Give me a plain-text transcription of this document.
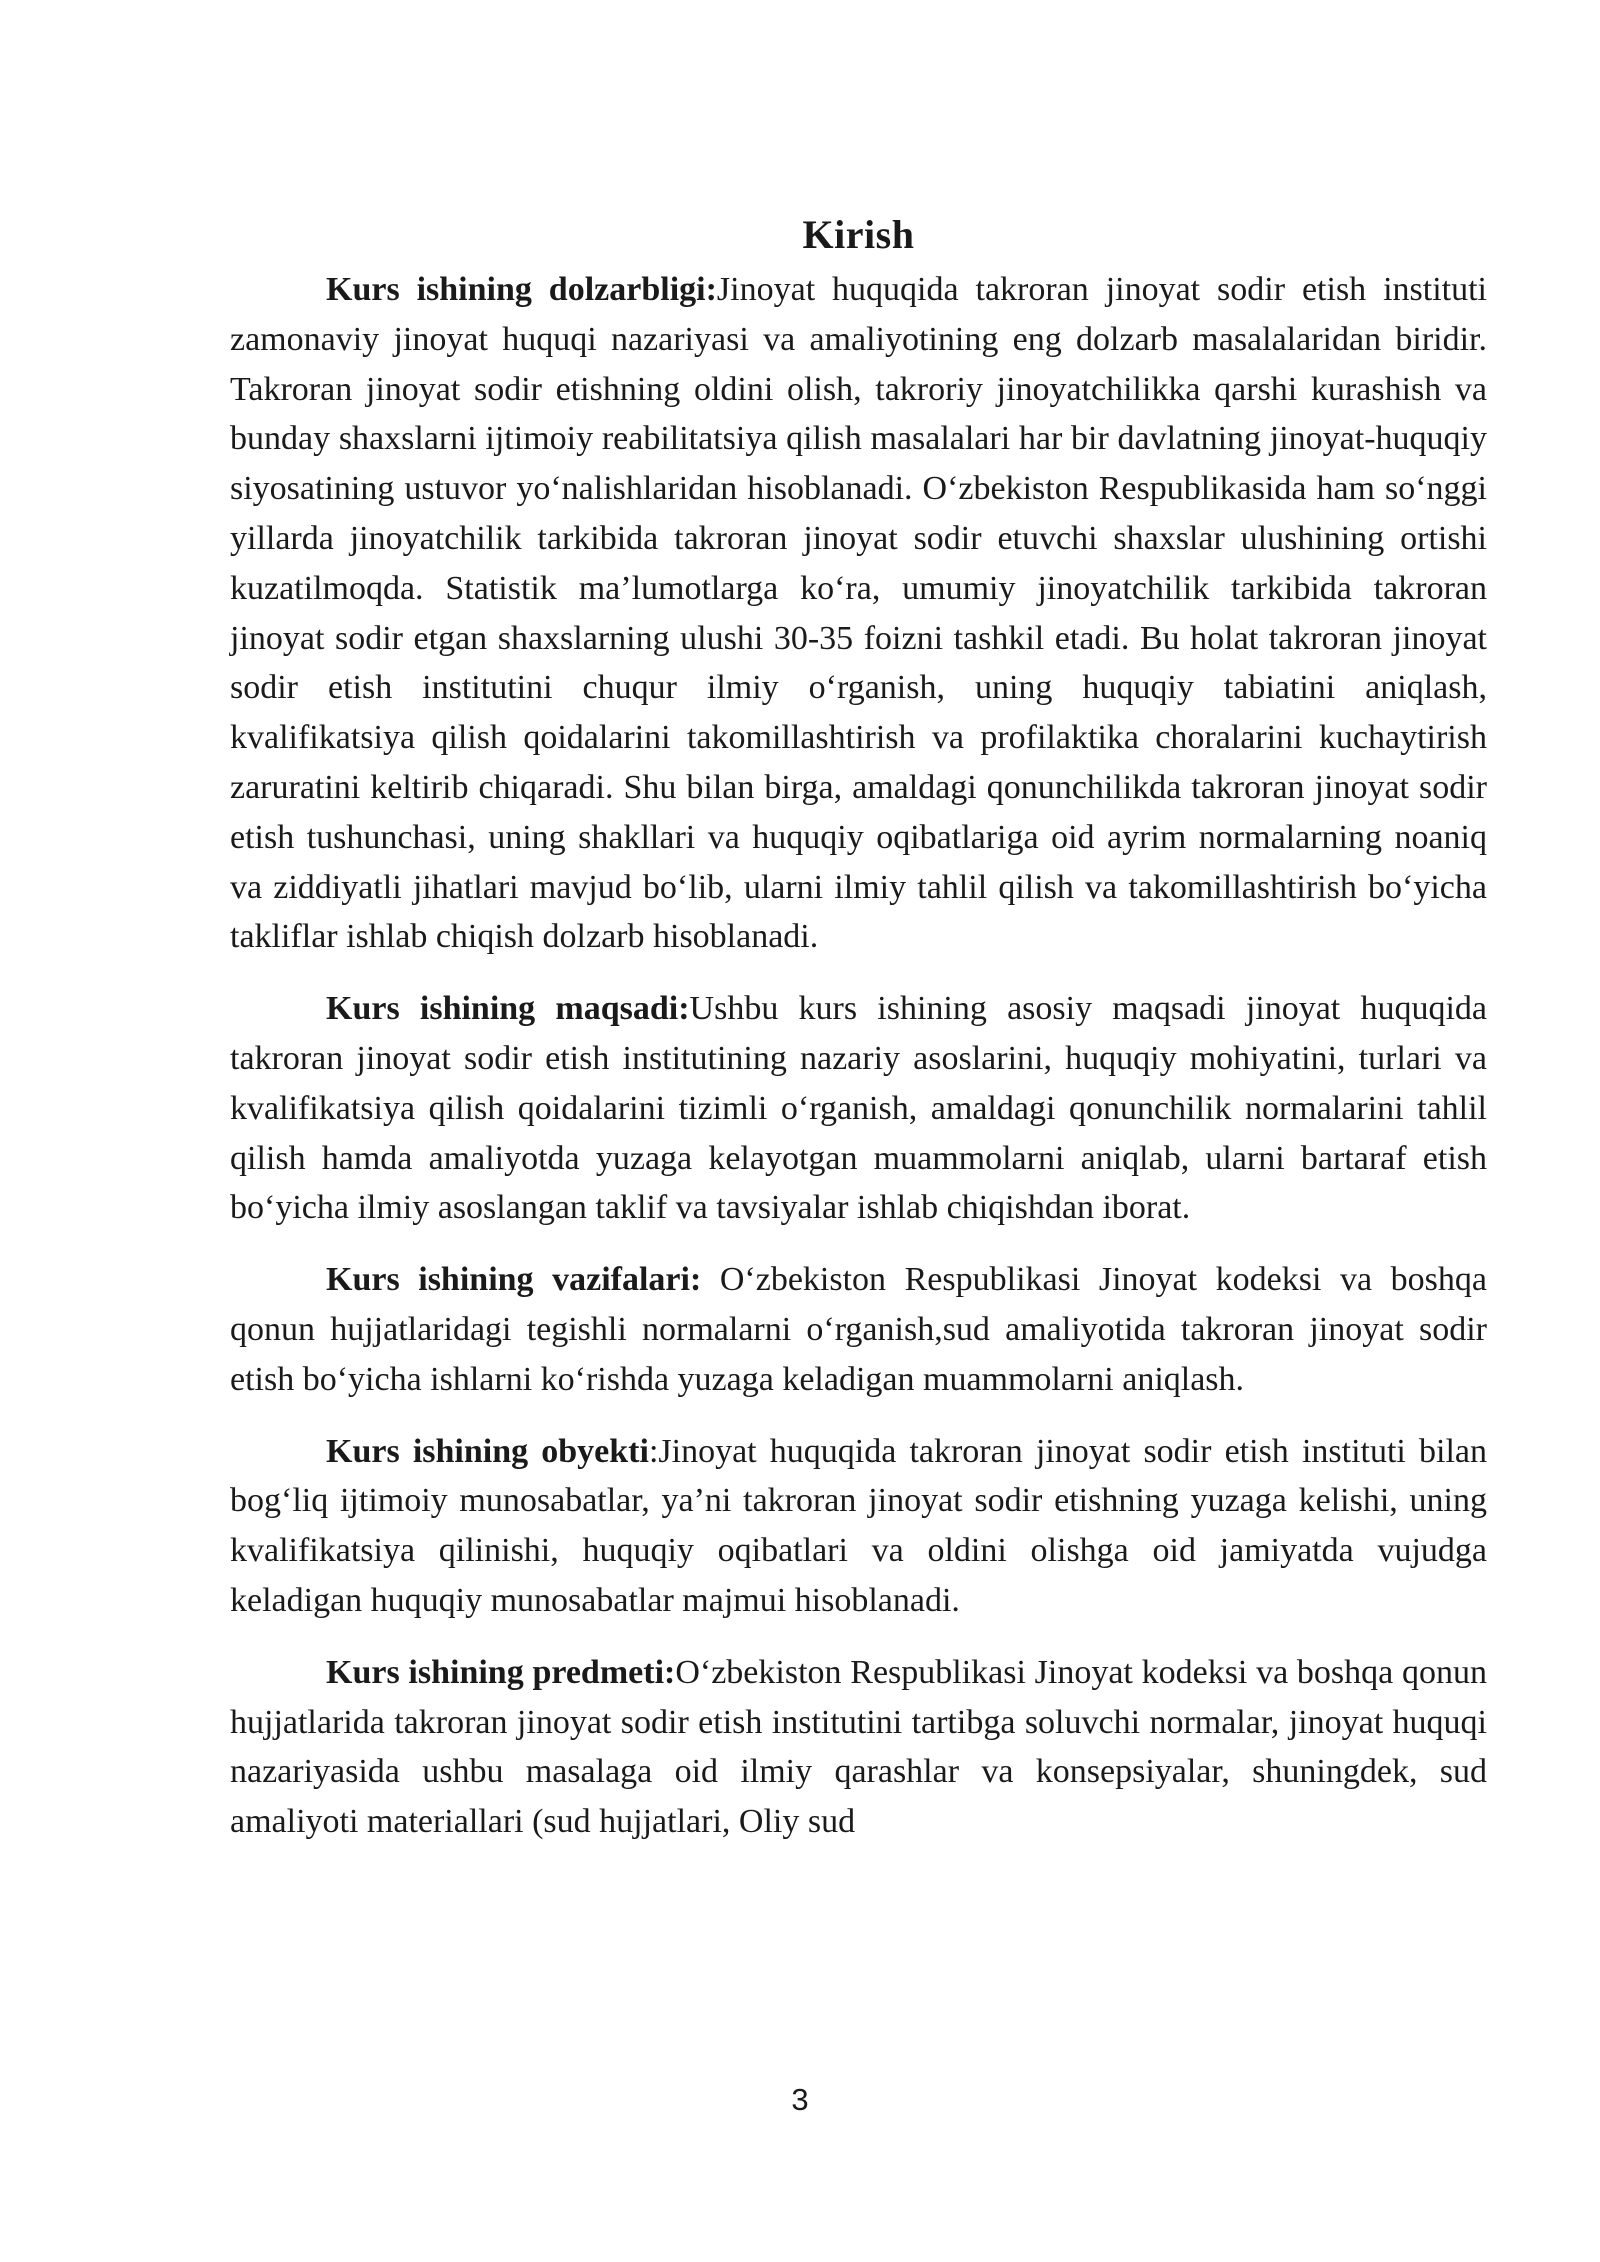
Kirish

Kurs ishining dolzarbligi:Jinoyat huquqida takroran jinoyat sodir etish instituti zamonaviy jinoyat huquqi nazariyasi va amaliyotining eng dolzarb masalalaridan biridir. Takroran jinoyat sodir etishning oldini olish, takroriy jinoyatchilikka qarshi kurashish va bunday shaxslarni ijtimoiy reabilitatsiya qilish masalalari har bir davlatning jinoyat-huquqiy siyosatining ustuvor yo‘nalishlaridan hisoblanadi. O‘zbekiston Respublikasida ham so‘nggi yillarda jinoyatchilik tarkibida takroran jinoyat sodir etuvchi shaxslar ulushining ortishi kuzatilmoqda. Statistik ma’lumotlarga ko‘ra, umumiy jinoyatchilik tarkibida takroran jinoyat sodir etgan shaxslarning ulushi 30-35 foizni tashkil etadi. Bu holat takroran jinoyat sodir etish institutini chuqur ilmiy o‘rganish, uning huquqiy tabiatini aniqlash, kvalifikatsiya qilish qoidalarini takomillashtirish va profilaktika choralarini kuchaytirish zaruratini keltirib chiqaradi. Shu bilan birga, amaldagi qonunchilikda takroran jinoyat sodir etish tushunchasi, uning shakllari va huquqiy oqibatlariga oid ayrim normalarning noaniq va ziddiyatli jihatlari mavjud bo‘lib, ularni ilmiy tahlil qilish va takomillashtirish bo‘yicha takliflar ishlab chiqish dolzarb hisoblanadi.

Kurs ishining maqsadi:Ushbu kurs ishining asosiy maqsadi jinoyat huquqida takroran jinoyat sodir etish institutining nazariy asoslarini, huquqiy mohiyatini, turlari va kvalifikatsiya qilish qoidalarini tizimli o‘rganish, amaldagi qonunchilik normalarini tahlil qilish hamda amaliyotda yuzaga kelayotgan muammolarni aniqlab, ularni bartaraf etish bo‘yicha ilmiy asoslangan taklif va tavsiyalar ishlab chiqishdan iborat.

Kurs ishining vazifalari: O‘zbekiston Respublikasi Jinoyat kodeksi va boshqa qonun hujjatlaridagi tegishli normalarni o‘rganish,sud amaliyotida takroran jinoyat sodir etish bo‘yicha ishlarni ko‘rishda yuzaga keladigan muammolarni aniqlash.

Kurs ishining obyekti:Jinoyat huquqida takroran jinoyat sodir etish instituti bilan bog‘liq ijtimoiy munosabatlar, ya’ni takroran jinoyat sodir etishning yuzaga kelishi, uning kvalifikatsiya qilinishi, huquqiy oqibatlari va oldini olishga oid jamiyatda vujudga keladigan huquqiy munosabatlar majmui hisoblanadi.

Kurs ishining predmeti:O‘zbekiston Respublikasi Jinoyat kodeksi va boshqa qonun hujjatlarida takroran jinoyat sodir etish institutini tartibga soluvchi normalar, jinoyat huquqi nazariyasida ushbu masalaga oid ilmiy qarashlar va konsepsiyalar, shuningdek, sud amaliyoti materiallari (sud hujjatlari, Oliy sud

3
